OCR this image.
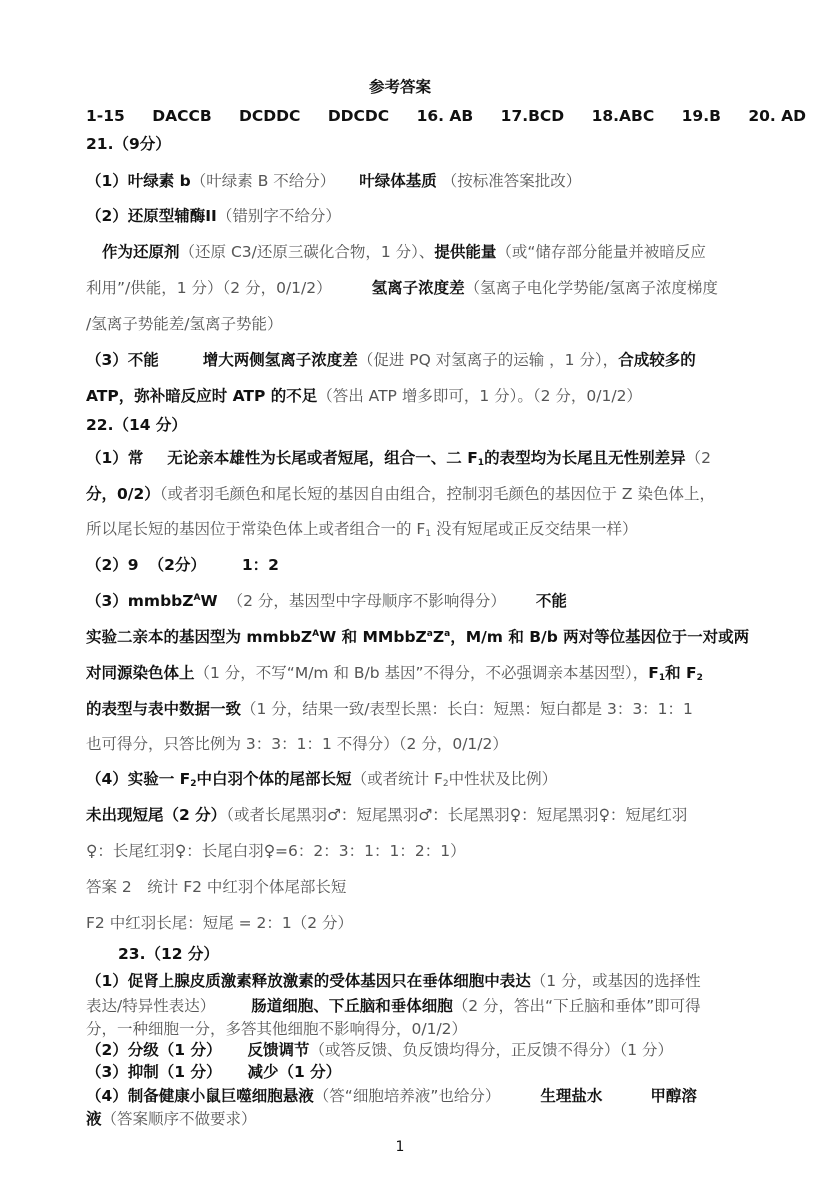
参考答案
1-15 DACCB DCDDC DDCDC 16. AB 17.BCD 18.ABC 19.B 20. AD
21.（9分）
（1）叶绿素 b（叶绿素 B 不给分） 叶绿体基质 （按标准答案批改）
（2）还原型辅酶II（错别字不给分）
作为还原剂（还原 C3/还原三碳化合物，1 分）、提供能量（或“储存部分能量并被暗反应
利用”/供能，1 分）（2 分，0/1/2）	氢离子浓度差（氢离子电化学势能/氢离子浓度梯度
/氢离子势能差/氢离子势能）
（3）不能	增大两侧氢离子浓度差（促进 PQ 对氢离子的运输 ，1 分），合成较多的
ATP，弥补暗反应时 ATP 的不足（答出 ATP 增多即可，1 分）。（2 分，0/1/2）
22.（14 分）
（1）常 无论亲本雄性为长尾或者短尾，组合一、二 $F_1$的表型均为长尾且无性别差异（2
分，0/2）（或者羽毛颜色和尾长短的基因自由组合，控制羽毛颜色的基因位于 Z 染色体上，
所以尾长短的基因位于常染色体上或者组合一的 $F_1$ 没有短尾或正反交结果一样）
（2）9 （2分） 1：2
（3）mmbbZ$^A$W （2 分，基因型中字母顺序不影响得分） 不能
实验二亲本的基因型为 mmbbZ$^A$W 和 $MMbbZ^aZ^a$，M/m 和 B/b 两对等位基因位于一对或两
对同源染色体上（1 分，不写“M/m 和 B/b 基因”不得分，不必强调亲本基因型），$F_1$和 $F_2$
的表型与表中数据一致（1 分，结果一致/表型长黑：长白：短黑：短白都是 3：3：1：1
也可得分，只答比例为 3：3：1：1 不得分）（2 分，0/1/2）
（4）实验一 $F_2$中白羽个体的尾部长短（或者统计 $F_2$中性状及比例）
未出现短尾（2 分）（或者长尾黑羽♂：短尾黑羽♂：长尾黑羽♀：短尾黑羽♀：短尾红羽
♀：长尾红羽♀：长尾白羽♀=6：2：3：1：1：2：1）
答案 2　统计 F2 中红羽个体尾部长短
F2 中红羽长尾：短尾 = 2：1（2 分）
23.（12 分）
（1）促肾上腺皮质激素释放激素的受体基因只在垂体细胞中表达（1 分，或基因的选择性
表达/特异性表达） 肠道细胞、下丘脑和垂体细胞（2 分，答出“下丘脑和垂体”即可得
分，一种细胞一分，多答其他细胞不影响得分，0/1/2）
（2）分级（1 分） 反馈调节（或答反馈、负反馈均得分，正反馈不得分）（1 分）
（3）抑制（1 分） 减少（1 分）
（4）制备健康小鼠巨噬细胞悬液（答“细胞培养液”也给分）	生理盐水	甲醇溶
液（答案顺序不做要求）
1
